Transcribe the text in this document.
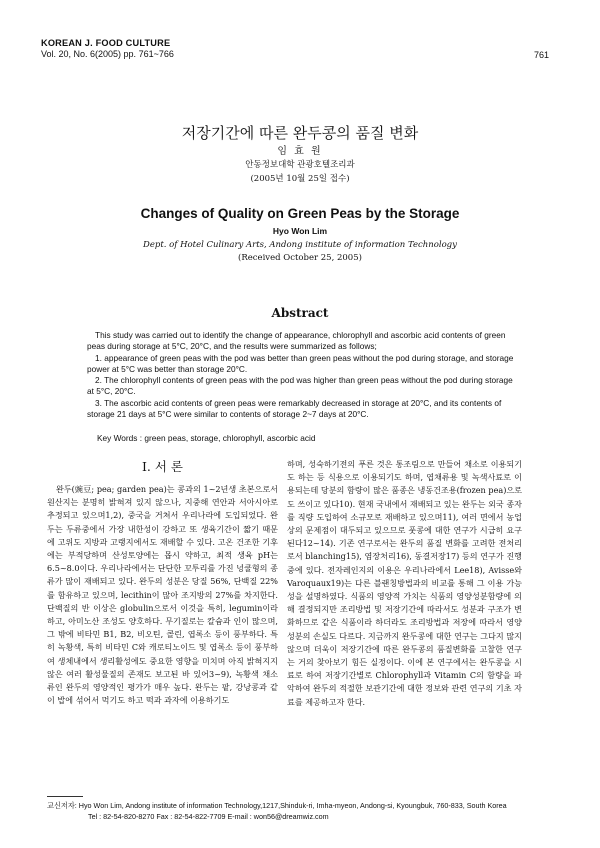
KOREAN J. FOOD CULTURE
Vol. 20, No. 6(2005) pp. 761~766	761
저장기간에 따른 완두콩의 품질 변화
임 효 원
안동정보대학 관광호텔조리과
(2005년 10월 25일 접수)
Changes of Quality on Green Peas by the Storage
Hyo Won Lim
Dept. of Hotel Culinary Arts, Andong institute of information Technology
(Received October 25, 2005)
Abstract

This study was carried out to identify the change of appearance, chlorophyll and ascorbic acid contents of green peas during storage at 5°C, 20°C, and the results were summarized as follows;

1. appearance of green peas with the pod was better than green peas without the pod during storage, and storage power at 5°C was better than storage 20°C.

2. The chlorophyll contents of green peas with the pod was higher than green peas without the pod during storage at 5°C, 20°C.

3. The ascorbic acid contents of green peas were remarkably decreased in storage at 20°C, and its contents of storage 21 days at 5°C were similar to contents of storage 2~7 days at 20°C.

Key Words : green peas, storage, chlorophyll, ascorbic acid
I. 서 론

완두(豌豆; pea; garden pea)는 콩과의 1~2년생 초본으로서 원산지는 분명히 밝혀져 있지 않으나, 지중해 연안과 서아시아로 추정되고 있으며1,2), 중국을 거쳐서 우리나라에 도입되었다. 완두는 두류중에서 가장 내한성이 강하고 또 생육기간이 짧기 때문에 고위도 지방과 고랭지에서도 재배할 수 있다. 고온 건조한 기후에는 부적당하며 산성토양에는 몹시 약하고, 최적 생육 pH는 6.5~8.0이다. 우리나라에서는 단단한 꼬투리를 가진 넝쿨형의 종류가 많이 재배되고 있다. 완두의 성분은 당질 56%, 단백질 22%를 함유하고 있으며, lecithin이 많아 조지방의 27%를 차지한다. 단백질의 반 이상은 globulin으로서 이것을 특히, legumin이라 하고, 아미노산 조성도 양호하다. 무기질로는 칼슘과 인이 많으며, 그 밖에 비타민 B1, B2, 비오틴, 콜린, 엽록소 등이 풍부하다. 특히 녹황색, 특히 비타민 C와 캐로티노이드 및 엽록소 등이 풍부하여 생체내에서 생리활성에도 중요한 영향을 미치며 아직 밝혀지지 않은 여러 활성물질의 존재도 보고된 바 있어3~9), 녹황색 채소류인 완두의 영양적인 평가가 매우 높다. 완두는 팥, 강낭콩과 같이 밥에 섞어서 먹기도 하고 떡과 과자에 이용하기도

하며, 성숙하기전의 푸른 것은 통조림으로 만들어 채소로 이용되기도 하는 등 식용으로 이용되기도 하며, 엽채류용 및 녹색사료로 이용되는데 당분의 함량이 많은 품종은 냉동건조용(frozen pea)으로도 쓰이고 있다10). 현재 국내에서 재배되고 있는 완두는 외국 종자를 직량 도입하여 소규모로 재배하고 있으며11), 여러 면에서 농업상의 문제점이 대두되고 있으므로 풋콩에 대한 연구가 시급히 요구된다12~14). 기존 연구로서는 완두의 품질 변화를 고려한 전처리로서 blanching15), 염장처리16), 동결저장17) 등의 연구가 진행중에 있다. 전자레인지의 이용은 우리나라에서 Lee18), Avisse와 Varoquaux19)는 다른 블랜칭방법과의 비교를 통해 그 이용 가능성을 설명하였다. 식품의 영양적 가치는 식품의 영양성분함량에 의해 결정되지만 조리방법 및 저장기간에 따라서도 성분과 구조가 변화하므로 같은 식품이라 하더라도 조리방법과 저장에 따라서 영양성분의 손실도 다르다. 지금까지 완두콩에 대한 연구는 그다지 많지 않으며 더욱이 저장기간에 따른 완두콩의 품질변화를 고찰한 연구는 거의 찾아보기 힘든 실정이다. 이에 본 연구에서는 완두콩을 시료로 하여 저장기간별로 Chlorophyll과 Vitamin C의 함량을 파악하여 완두의 적절한 보관기간에 대한 정보와 관련 연구의 기초 자료를 제공하고자 한다.

교신저자: Hyo Won Lim, Andong institute of information Technology,1217,Shinduk-ri, Imha-myeon, Andong-si, Kyoungbuk, 760-833, South Korea
Tel : 82-54-820-8270 Fax : 82-54-822-7709 E-mail : won56@dreamwiz.com
